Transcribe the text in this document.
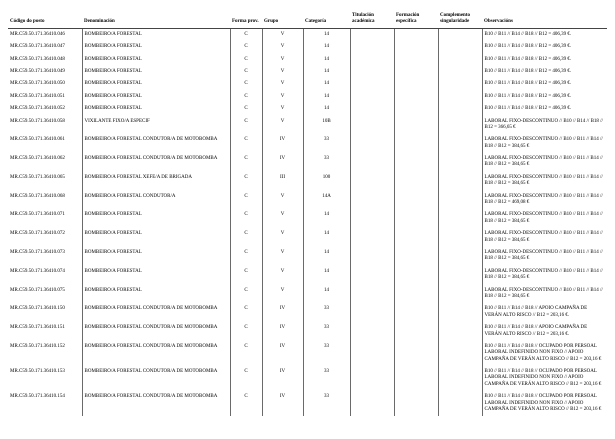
Código do posto	Denominación	Forma prov.	Grupo	Categoría	Titulación académica	Formación específica	Complemento singularidade	Observacións
MR.C59.50.171.36410.046	BOMBEIRO/A FORESTAL	C	V	14				B10 // B11 // B14 // B18 // B12 = 406,39 €.
MR.C59.50.171.36410.047	BOMBEIRO/A FORESTAL	C	V	14				B10 // B11 // B14 // B18 // B12 = 406,39 €.
MR.C59.50.171.36410.048	BOMBEIRO/A FORESTAL	C	V	14				B10 // B11 // B14 // B18 // B12 = 406,39 €.
MR.C59.50.171.36410.049	BOMBEIRO/A FORESTAL	C	V	14				B10 // B11 // B14 // B18 // B12 = 406,39 €.
MR.C59.50.171.36410.050	BOMBEIRO/A FORESTAL	C	V	14				B10 // B11 // B14 // B18 // B12 = 406,39 €.
MR.C59.50.171.36410.051	BOMBEIRO/A FORESTAL	C	V	14				B10 // B11 // B14 // B18 // B12 = 406,39 €.
MR.C59.50.171.36410.052	BOMBEIRO/A FORESTAL	C	V	14				B10 // B11 // B14 // B18 // B12 = 406,39 €.
MR.C59.50.171.36410.058	VIXILANTE FIXO/A ESPECIF	C	V	10B				LABORAL FIXO-DESCONTINUO // B10 // B14 // B18 // B12 = 366,65 €
MR.C59.50.171.36410.061	BOMBEIRO/A FORESTAL CONDUTOR/A DE MOTOBOMBA	C	IV	33				LABORAL FIXO-DESCONTINUO // B10 // B11 // B14 // B18 // B12 = 384,65 €
MR.C59.50.171.36410.062	BOMBEIRO/A FORESTAL CONDUTOR/A DE MOTOBOMBA	C	IV	33				LABORAL FIXO-DESCONTINUO // B10 // B11 // B14 // B18 // B12 = 384,65 €
MR.C59.50.171.36410.065	BOMBEIRO/A FORESTAL XEFE/A DE BRIGADA	C	III	100				LABORAL FIXO-DESCONTINUO // B10 // B11 // B14 // B18 // B12 = 384,65 €
MR.C59.50.171.36410.068	BOMBEIRO/A FORESTAL CONDUTOR/A	C	V	14A				LABORAL FIXO-DESCONTINUO // B10 // B11 // B14 // B18 // B12 = 469,08 €
MR.C59.50.171.36410.071	BOMBEIRO/A FORESTAL	C	V	14				LABORAL FIXO-DESCONTINUO // B10 // B11 // B14 // B18 // B12 = 384,65 €
MR.C59.50.171.36410.072	BOMBEIRO/A FORESTAL	C	V	14				LABORAL FIXO-DESCONTINUO // B10 // B11 // B14 // B18 // B12 = 384,65 €
MR.C59.50.171.36410.073	BOMBEIRO/A FORESTAL	C	V	14				LABORAL FIXO-DESCONTINUO // B10 // B11 // B14 // B18 // B12 = 384,65 €
MR.C59.50.171.36410.074	BOMBEIRO/A FORESTAL	C	V	14				LABORAL FIXO-DESCONTINUO // B10 // B11 // B14 // B18 // B12 = 384,65 €
MR.C59.50.171.36410.075	BOMBEIRO/A FORESTAL	C	V	14				LABORAL FIXO-DESCONTINUO // B10 // B11 // B14 // B18 // B12 = 384,65 €
MR.C59.50.171.36410.150	BOMBEIRO/A FORESTAL CONDUTOR/A DE MOTOBOMBA	C	IV	33				B10 // B11 // B14 // B18 // APOIO CAMPAÑA DE VERÁN ALTO RISCO // B12 = 203,16 €.
MR.C59.50.171.36410.151	BOMBEIRO/A FORESTAL CONDUTOR/A DE MOTOBOMBA	C	IV	33				B10 // B11 // B14 // B18 // APOIO CAMPAÑA DE VERÁN ALTO RISCO // B12 = 203,16 €.
MR.C59.50.171.36410.152	BOMBEIRO/A FORESTAL CONDUTOR/A DE MOTOBOMBA	C	IV	33				B10 // B11 // B14 // B18 // OCUPADO POR PERSOAL LABORAL INDEFINIDO NON FIXO // APOIO CAMPAÑA DE VERÁN ALTO RISCO // B12 = 203,16 €
MR.C59.50.171.36410.153	BOMBEIRO/A FORESTAL CONDUTOR/A DE MOTOBOMBA	C	IV	33				B10 // B11 // B14 // B18 // OCUPADO POR PERSOAL LABORAL INDEFINIDO NON FIXO // APOIO CAMPAÑA DE VERÁN ALTO RISCO // B12 = 203,16 €
MR.C59.50.171.36410.154	BOMBEIRO/A FORESTAL CONDUTOR/A DE MOTOBOMBA	C	IV	33				B10 // B11 // B14 // B18 // OCUPADO POR PERSOAL LABORAL INDEFINIDO NON FIXO // APOIO CAMPAÑA DE VERÁN ALTO RISCO // B12 = 203,16 €
